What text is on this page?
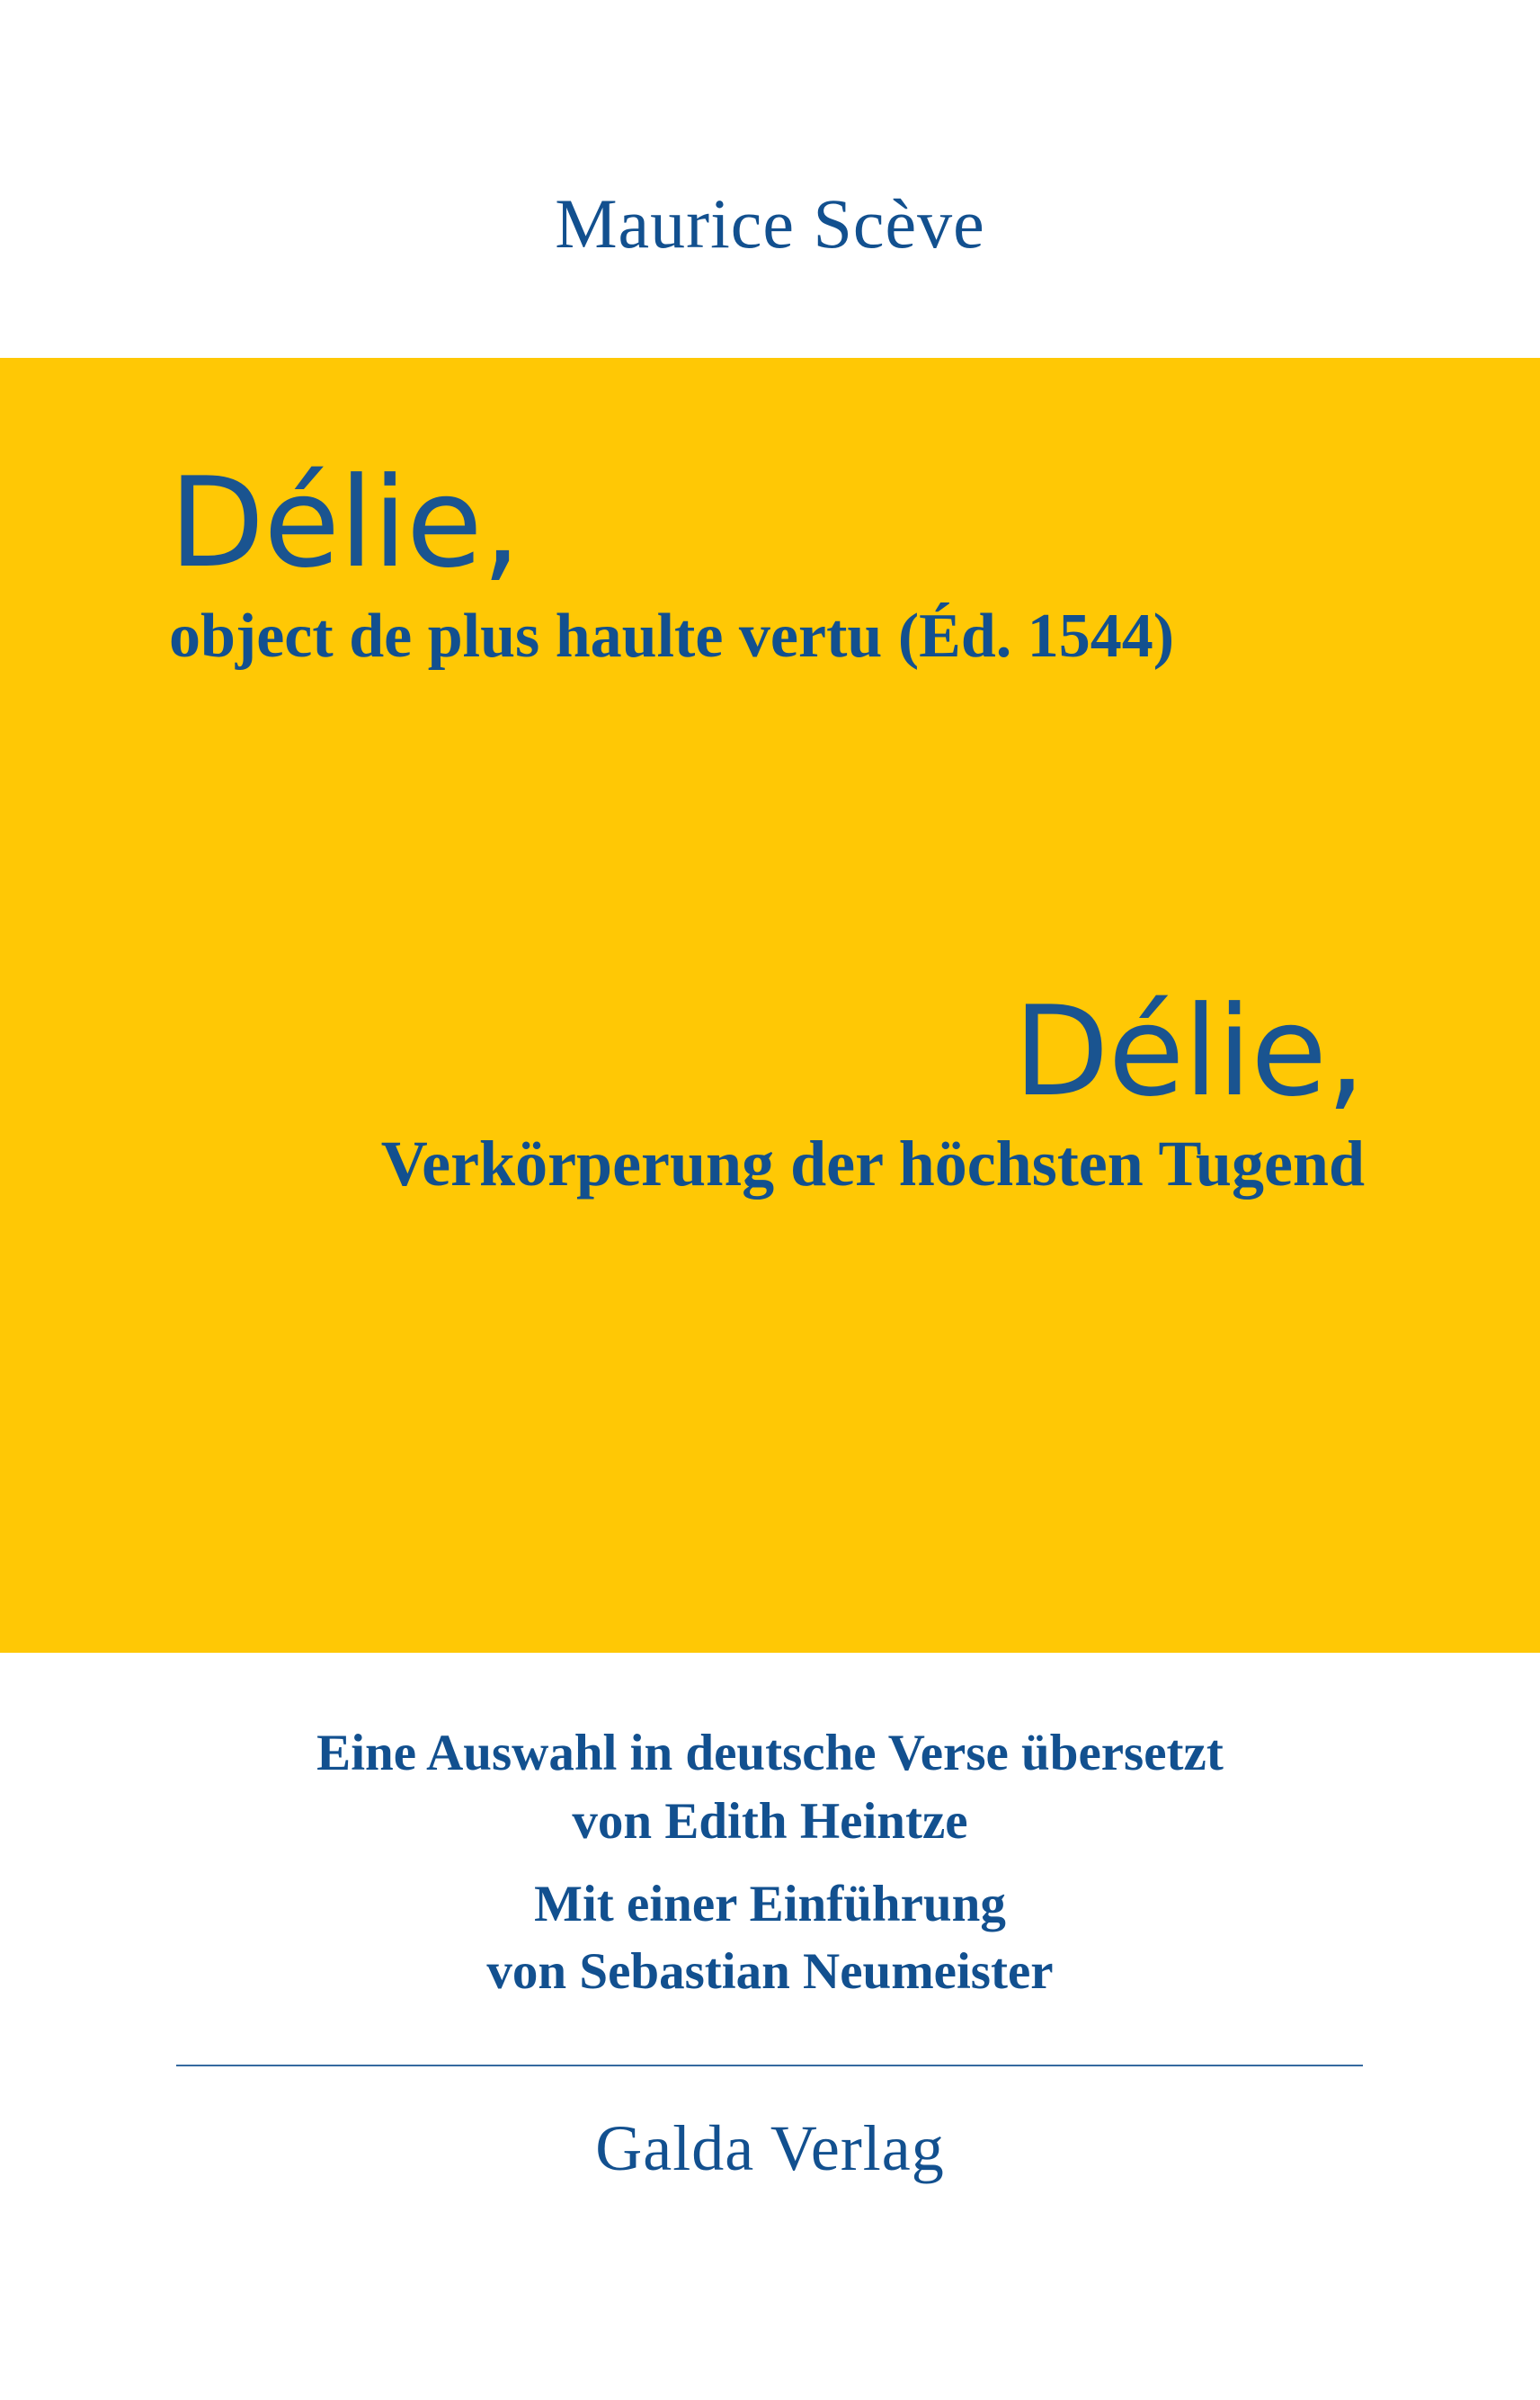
Maurice Scève
Délie,
object de plus haulte vertu (Éd. 1544)
Délie,
Verkörperung der höchsten Tugend
Eine Auswahl in deutsche Verse übersetzt
von Edith Heintze
Mit einer Einführung
von Sebastian Neumeister
Galda Verlag
